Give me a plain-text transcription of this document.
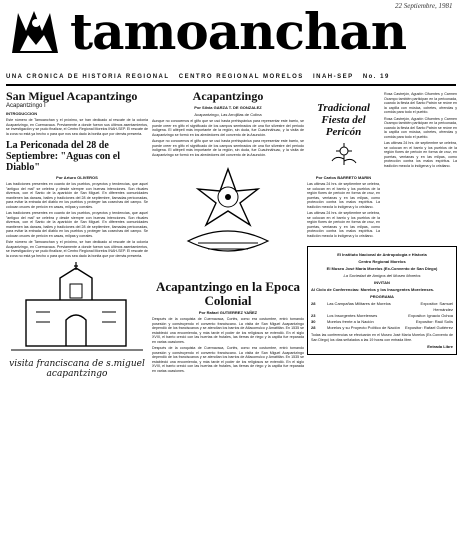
tamoanchan
22 Septiembre, 1981
UNA CRONICA DE HISTORIA REGIONAL CENTRO REGIONAL MORELOS INAH-SEP No. 19
San Miguel Acapantzingo
Acapantzingo I
INTRODUCCION

Este número de Tamoanchan y el próximo, se han dedicado al rescate de la colonia Acapantzingo, en Cuernavaca. Previamente a donde fueron sus últimos asentamientos, se investigación y se pudo finalizar, el Centro Regional Morelos INAH-SEP. El rescate de la zona no está ya hecho o para que nos sea dado la bonita que por demás presenta.

La Periconada del 28 de Septiembre: "Aguas con el Diablo"
Por Arturo OLIVEROS

Las tradiciones presentes en cuanto de los pueblos, proyectos y tendencias, que aquel "antiguo del mal" se celebra y desde siempre con buenas intenciones. Son rituales diversos, con el Santo de la aparición de San Miguel. En diferentes comunidades mantienen las danzas, bailes y tradiciones del 28 de septiembre, llamadas periconadas, para evitar la entrada del diablo en los pueblos y proteger las cosechas del campo. Se colocan cruces de pericón en casas, milpas y corrales.

Las tradiciones presentes en cuanto de los pueblos, proyectos y tendencias, que aquel "antiguo del mal" se celebra y desde siempre con buenas intenciones. Son rituales diversos, con el Santo de la aparición de San Miguel. En diferentes comunidades mantienen las danzas, bailes y tradiciones del 28 de septiembre, llamadas periconadas, para evitar la entrada del diablo en los pueblos y proteger las cosechas del campo. Se colocan cruces de pericón en casas, milpas y corrales.

Este número de Tamoanchan y el próximo, se han dedicado al rescate de la colonia Acapantzingo, en Cuernavaca. Previamente a donde fueron sus últimos asentamientos, se investigación y se pudo finalizar, el Centro Regional Morelos INAH-SEP. El rescate de la zona no está ya hecho o para que nos sea dado la bonita que por demás presenta.

visita franciscana de s.miguel acapantzingo
Acapantzingo
Por Silvia GARZA T. DE GONZALEZ
Acapantzingo, Las Arrojillas de Colina

Aunque no conocemos el glifo que se usó hasta prehispánica para representar este barrio, se puede creer en glifo el significado de los campos sembrados de una flor silvestre del periodo indígena. El altépetl más importante de la región, sin duda, fue Cuauhnáhuac, y la visita de Acapantzingo se formó en los alrededores del convento de la Asunción.

Aunque no conocemos el glifo que se usó hasta prehispánica para representar este barrio, se puede creer en glifo el significado de los campos sembrados de una flor silvestre del periodo indígena. El altépetl más importante de la región, sin duda, fue Cuauhnáhuac, y la visita de Acapantzingo se formó en los alrededores del convento de la Asunción.

Acapantzingo en la Epoca Colonial
Por Rafael GUTIERREZ YAÑEZ

Después de la conquista de Cuernavaca, Cortés, como era costumbre, entró tomando posesión y construyendo el convento franciscano. La visita de San Miguel Acapantzingo dependió de los franciscanos y se atendían los barrios de Atlacomulco y Amatitlán. En 1535 se estableció una encomienda, y más tarde el poder de los religiosos se extendió. En el siglo XVIII, el barrio creció con las huertas de frutales, las tierras de riego y la capilla fue reparada en varias ocasiones.

Después de la conquista de Cuernavaca, Cortés, como era costumbre, entró tomando posesión y construyendo el convento franciscano. La visita de San Miguel Acapantzingo dependió de los franciscanos y se atendían los barrios de Atlacomulco y Amatitlán. En 1535 se estableció una encomienda, y más tarde el poder de los religiosos se extendió. En el siglo XVIII, el barrio creció con las huertas de frutales, las tierras de riego y la capilla fue reparada en varias ocasiones.

Tradicional Fiesta del Pericón
Por Carlos BARRETO MARIN

Las ultimas 24 hrs. de septiembre se celebra, se colocan en el barrio y los pueblos de la región flores de pericón en forma de cruz, en puertas, ventanas y en las milpas, como protección contra los malos espíritus. La tradición mezcla lo indígena y lo cristiano.

Las ultimas 24 hrs. de septiembre se celebra, se colocan en el barrio y los pueblos de la región flores de pericón en forma de cruz, en puertas, ventanas y en las milpas, como protección contra los malos espíritus. La tradición mezcla lo indígena y lo cristiano.

Rosa Castrejón, Agustín Cifuentes y Carmen Ocampo también participan en la periconada, cuando la fiesta del Santo Patrón se reúne en la capilla con música, cohetes, ofrendas y comida para todo el pueblo.

Rosa Castrejón, Agustín Cifuentes y Carmen Ocampo también participan en la periconada, cuando la fiesta del Santo Patrón se reúne en la capilla con música, cohetes, ofrendas y comida para todo el pueblo.

Las ultimas 24 hrs. de septiembre se celebra, se colocan en el barrio y los pueblos de la región flores de pericón en forma de cruz, en puertas, ventanas y en las milpas, como protección contra los malos espíritus. La tradición mezcla lo indígena y lo cristiano.

El Instituto Nacional de Antropología e Historia
Centro Regional Morelos
El Museo José María Morelos (Ex-Convento de San Diego)
La Sociedad de Amigos del Museo Morelos
INVITAN
Al Ciclo de Conferencias: Morelos y los Insurgentes Morelenses.
PROGRAMA
28	Las Campañas Militares de Morelos	Expositor: Samuel Hernández
23	Los Insurgentes Morelenses	Expositor: Ignacio Ochoa
30	Morelos frente a la Nación	Expositor: Raúl Solís
28	Morelos y su Proyecto Político de Nación	Expositor: Rafael Gutiérrez

Todas las conferencias se efectuarán en el Museo José María Morelos (Ex-Convento de San Diego) los días señalados a las 19 horas con entrada libre.

Entrada Libre
